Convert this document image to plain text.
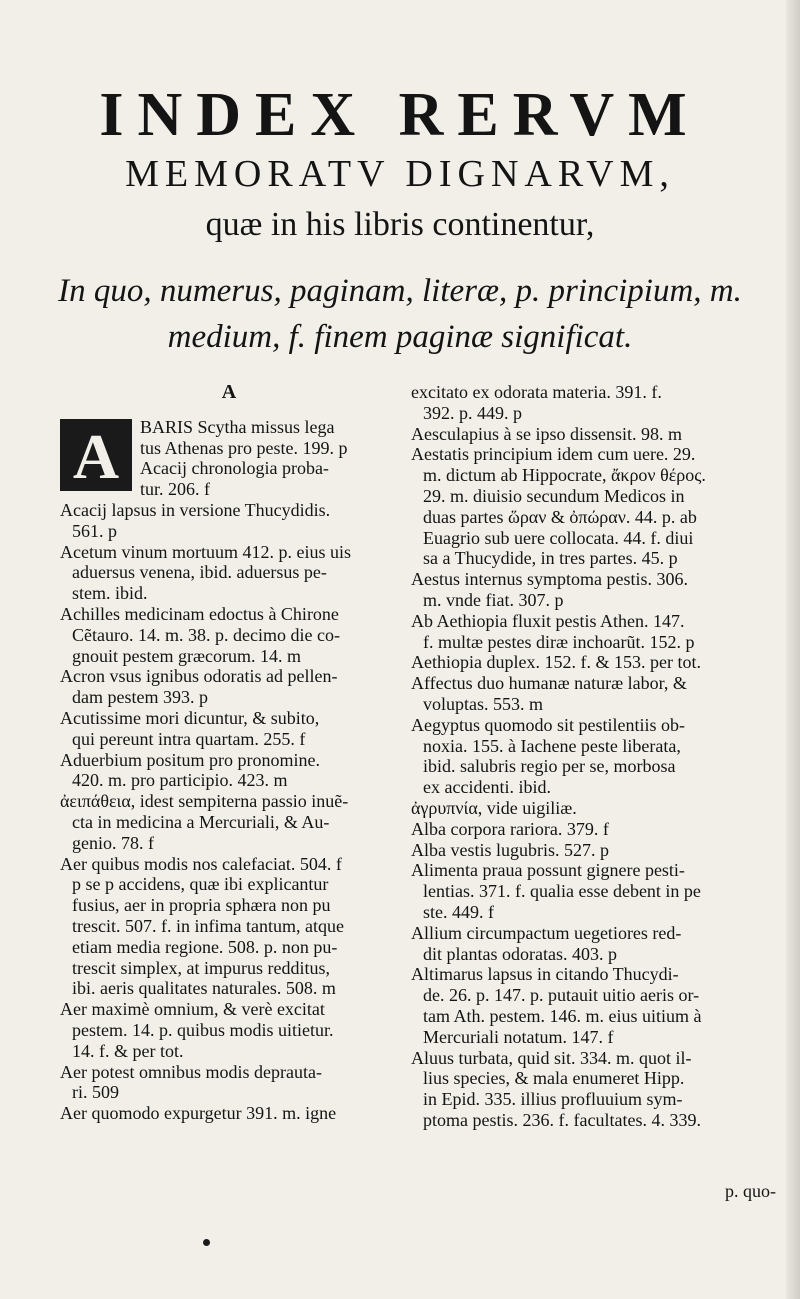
INDEX RERVM
MEMORATV DIGNARVM,
quæ in his libris continentur,
In quo, numerus, paginam, literæ, p. principium, m.
medium, f. finem paginæ significat.
A
A	BARIS Scytha missus lega
tus Athenas pro peste. 199. p
Acacij chronologia proba-
tur. 206. f
Acacij lapsus in versione Thucydidis.
561. p
Acetum vinum mortuum 412. p. eius uis
aduersus venena, ibid. aduersus pe-
stem. ibid.
Achilles medicinam edoctus à Chirone
Cẽtauro. 14. m. 38. p. decimo die co-
gnouit pestem græcorum. 14. m
Acron vsus ignibus odoratis ad pellen-
dam pestem 393. p
Acutissime mori dicuntur, & subito,
qui pereunt intra quartam. 255. f
Aduerbium positum pro pronomine.
420. m. pro participio. 423. m
ἀειπάθεια, idest sempiterna passio inuẽ-
cta in medicina a Mercuriali, & Au-
genio. 78. f
Aer quibus modis nos calefaciat. 504. f
p se p accidens, quæ ibi explicantur
fusius, aer in propria sphæra non pu
trescit. 507. f. in infima tantum, atque
etiam media regione. 508. p. non pu-
trescit simplex, at impurus redditus,
ibi. aeris qualitates naturales. 508. m
Aer maximè omnium, & verè excitat
pestem. 14. p. quibus modis uitietur.
14. f. & per tot.
Aer potest omnibus modis deprauta-
ri. 509
Aer quomodo expurgetur 391. m. igne
excitato ex odorata materia. 391. f.
392. p. 449. p
Aesculapius à se ipso dissensit. 98. m
Aestatis principium idem cum uere. 29.
m. dictum ab Hippocrate, ἄκρον θέρος.
29. m. diuisio secundum Medicos in
duas partes ὥραν & ὀπώραν. 44. p. ab
Euagrio sub uere collocata. 44. f. diui
sa a Thucydide, in tres partes. 45. p
Aestus internus symptoma pestis. 306.
m. vnde fiat. 307. p
Ab Aethiopia fluxit pestis Athen. 147.
f. multæ pestes diræ inchoarũt. 152. p
Aethiopia duplex. 152. f. & 153. per tot.
Affectus duo humanæ naturæ labor, &
voluptas. 553. m
Aegyptus quomodo sit pestilentiis ob-
noxia. 155. à Iachene peste liberata,
ibid. salubris regio per se, morbosa
ex accidenti. ibid.
ἀγρυπνία, vide uigiliæ.
Alba corpora rariora. 379. f
Alba vestis lugubris. 527. p
Alimenta praua possunt gignere pesti-
lentias. 371. f. qualia esse debent in pe
ste. 449. f
Allium circumpactum uegetiores red-
dit plantas odoratas. 403. p
Altimarus lapsus in citando Thucydi-
de. 26. p. 147. p. putauit uitio aeris or-
tam Ath. pestem. 146. m. eius uitium à
Mercuriali notatum. 147. f
Aluus turbata, quid sit. 334. m. quot il-
lius species, & mala enumeret Hipp.
in Epid. 335. illius profluuium sym-
ptoma pestis. 236. f. facultates. 4. 339.
p. quo-
